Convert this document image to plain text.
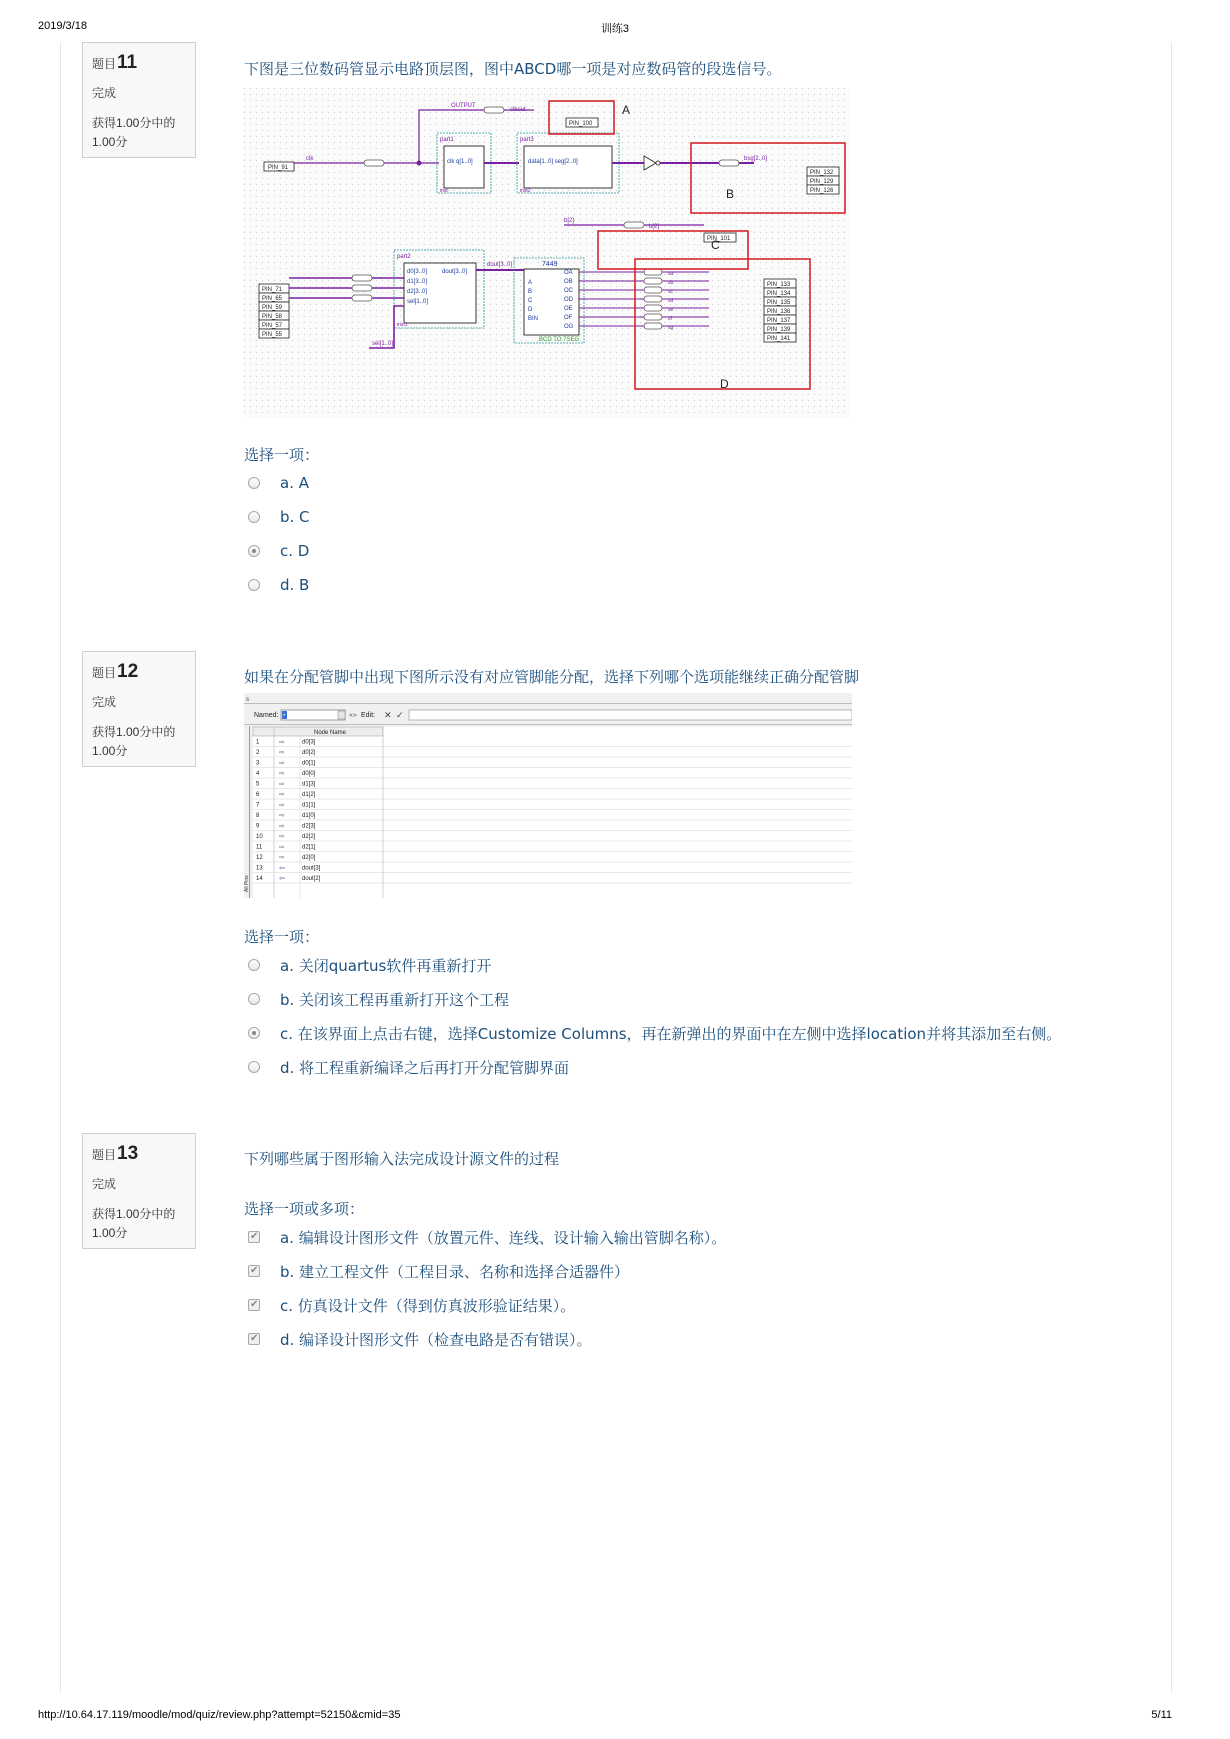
2019/3/18	训练3
题目11
完成
获得1.00分中的1.00分
下图是三位数码管显示电路顶层图，图中ABCD哪一项是对应数码管的段选信号。
OUTPUT
clkout
PIN_100
PIN_91
clk
part1
clk q[1..0]
inst
part3
data[1..0] seg[2..0]
inst2
bsg[2..0]
PIN_132
PIN_129
PIN_126
b[2]
b[2]
PIN_101
PIN_71
PIN_65
PIN_59
PIN_58
PIN_57
PIN_55
part2
d0[3..0]
d1[3..0]
d2[3..0]
sel[1..0]
dout[3..0]
inst1
sel[1..0]
dout[3..0]	7449
A
B
C
D
BIN
OA
OB
OC
OD
OE
OF
OG
BCD TO 7SEG
sa
sb
sc
sd
se
sf
sg
PIN_133
PIN_134
PIN_135
PIN_136
PIN_137
PIN_139
PIN_141
A
B
C
D
选择一项：
a. A
b. C
c. D
d. B
题目12
完成
获得1.00分中的1.00分
如果在分配管脚中出现下图所示没有对应管脚能分配，选择下列哪个选项能继续正确分配管脚
s
Named: *	«» Edit: ✕ ✓
All Pins
Node Name
1	⇨	d0[3]
2	⇨	d0[2]
3	⇨	d0[1]
4	⇨	d0[0]
5	⇨	d1[3]
6	⇨	d1[2]
7	⇨	d1[1]
8	⇨	d1[0]
9	⇨	d2[3]
10 ⇨	d2[2]
11 ⇨	d2[1]
12 ⇨	d2[0]
13 ⇦	dout[3]
14 ⇦	dout[2]
选择一项：
a. 关闭quartus软件再重新打开
b. 关闭该工程再重新打开这个工程
c. 在该界面上点击右键，选择Customize Columns，再在新弹出的界面中在左侧中选择location并将其添加至右侧。
d. 将工程重新编译之后再打开分配管脚界面
题目13
完成
获得1.00分中的1.00分
下列哪些属于图形输入法完成设计源文件的过程
选择一项或多项：
✔
a. 编辑设计图形文件（放置元件、连线、设计输入输出管脚名称）。
✔
b. 建立工程文件（工程目录、名称和选择合适器件）
✔
c. 仿真设计文件（得到仿真波形验证结果）。
✔
d. 编译设计图形文件（检查电路是否有错误）。
http://10.64.17.119/moodle/mod/quiz/review.php?attempt=52150&cmid=35	5/11
